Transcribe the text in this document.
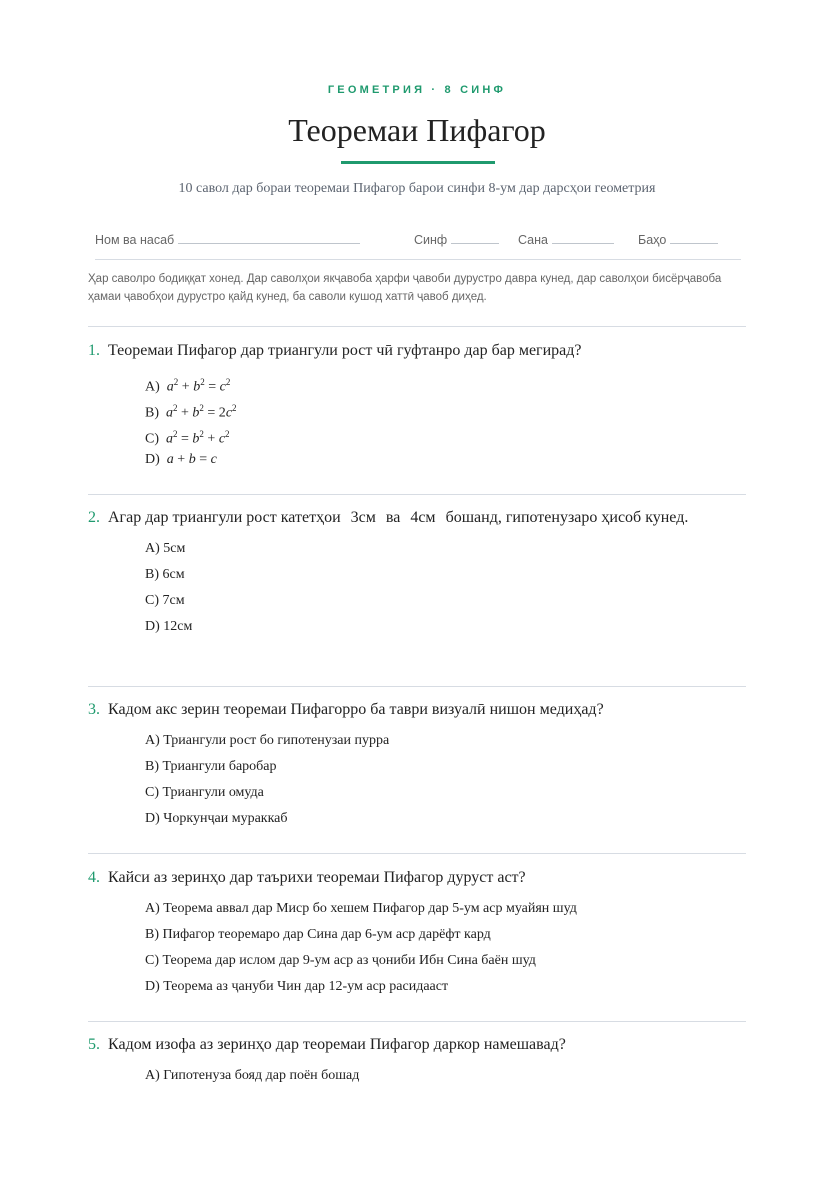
ГЕОМЕТРИЯ · 8 СИНФ
Теоремаи Пифагор
10 савол дар бораи теоремаи Пифагор барои синфи 8-ум дар дарсҳои геометрия
Ном ва насаб	Синф	Сана	Баҳо
Ҳар саволро бодиққат хонед. Дар саволҳои якҷавоба ҳарфи ҷавоби дурустро давра кунед, дар саволҳои бисёрҷавоба ҳамаи ҷавобҳои дурустро қайд кунед, ба саволи кушод хаттӣ ҷавоб диҳед.
1. Теоремаи Пифагор дар триангули рост чӣ гуфтанро дар бар мегирад?
A) $a^2 + b^2 = c^2$
B) $a^2 + b^2 = 2c^2$
C) $a^2 = b^2 + c^2$
D) a + b = c
2. Агар дар триангули рост катетҳои 3см ва 4см бошанд, гипотенузаро ҳисоб кунед.
A) 5см
B) 6см
C) 7см
D) 12см
3. Кадом акс зерин теоремаи Пифагорро ба таври визуалӣ нишон медиҳад?
A) Триангули рост бо гипотенузаи пурра
B) Триангули баробар
C) Триангули омуда
D) Чоркунҷаи мураккаб
4. Кайси аз зеринҳо дар таърихи теоремаи Пифагор дуруст аст?
A) Теорема аввал дар Миср бо хешем Пифагор дар 5-ум аср муайян шуд
B) Пифагор теоремаро дар Сина дар 6-ум аср дарёфт кард
C) Теорема дар ислом дар 9-ум аср аз ҷониби Ибн Сина баён шуд
D) Теорема аз ҷануби Чин дар 12-ум аср расидааст
5. Кадом изофа аз зеринҳо дар теоремаи Пифагор даркор намешавад?
A) Гипотенуза бояд дар поён бошад
